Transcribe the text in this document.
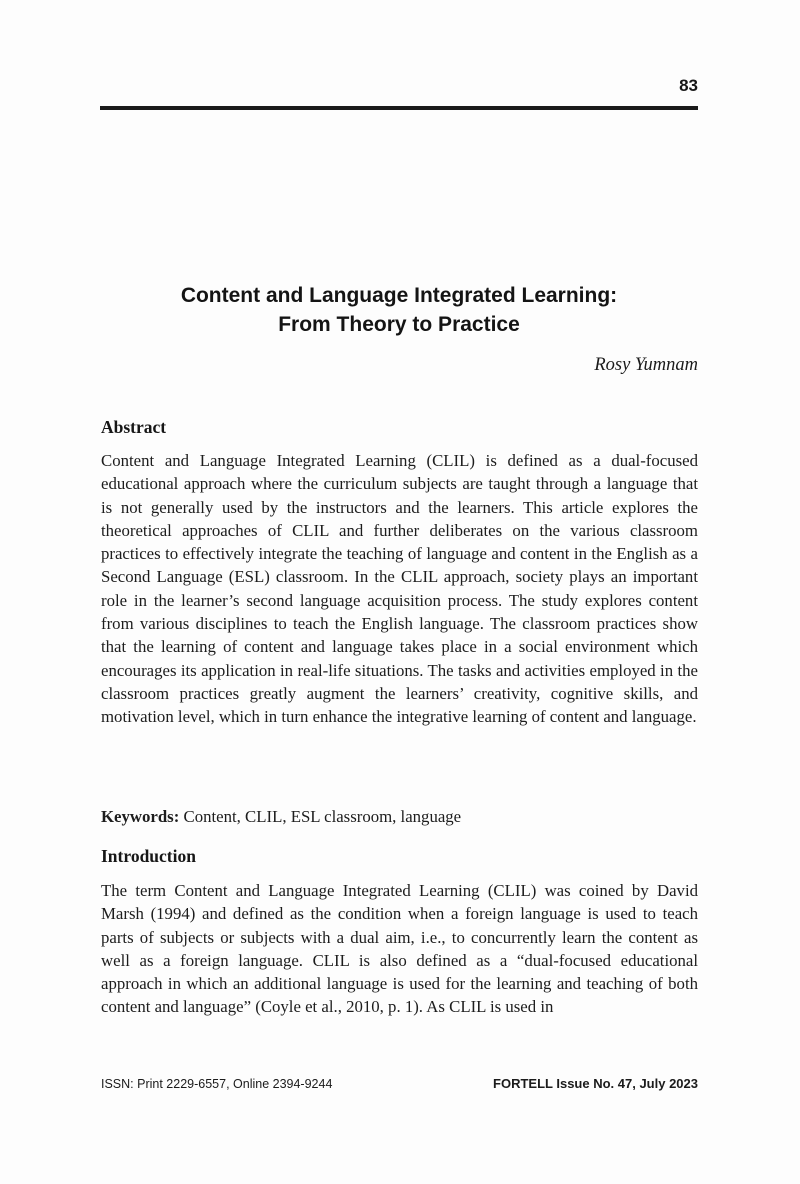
83
Content and Language Integrated Learning:
From Theory to Practice
Rosy Yumnam
Abstract
Content and Language Integrated Learning (CLIL) is defined as a dual-focused educational approach where the curriculum subjects are taught through a language that is not generally used by the instructors and the learners. This article explores the theoretical approaches of CLIL and further deliberates on the various classroom practices to effectively integrate the teaching of language and content in the English as a Second Language (ESL) classroom. In the CLIL approach, society plays an important role in the learner’s second language acquisition process. The study explores content from various disciplines to teach the English language. The classroom practices show that the learning of content and language takes place in a social environment which encourages its application in real-life situations. The tasks and activities employed in the classroom practices greatly augment the learners’ creativity, cognitive skills, and motivation level, which in turn enhance the integrative learning of content and language.
Keywords: Content, CLIL, ESL classroom, language
Introduction
The term Content and Language Integrated Learning (CLIL) was coined by David Marsh (1994) and defined as the condition when a foreign language is used to teach parts of subjects or subjects with a dual aim, i.e., to concurrently learn the content as well as a foreign language. CLIL is also defined as a “dual-focused educational approach in which an additional language is used for the learning and teaching of both content and language” (Coyle et al., 2010, p. 1). As CLIL is used in
ISSN: Print 2229-6557, Online 2394-9244	FORTELL Issue No. 47, July 2023
